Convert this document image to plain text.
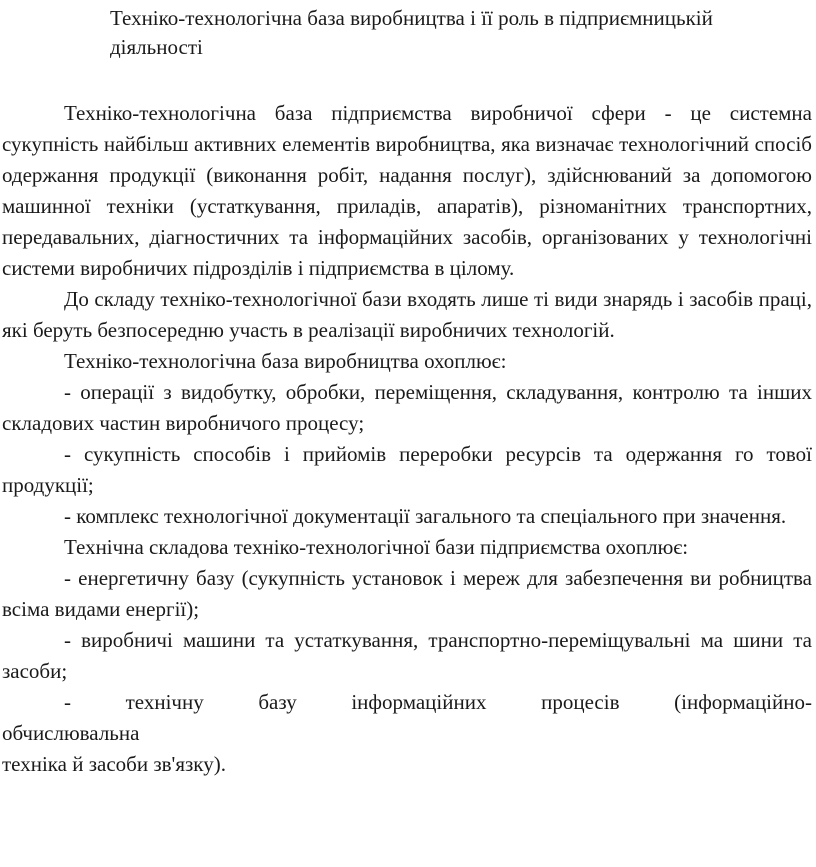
Техніко-технологічна база виробництва і її роль в підприємницькій діяльності

Техніко-технологічна база підприємства виробничої сфери - це системна сукупність найбільш активних елементів виробництва, яка визначає технологічний спосіб одержання продукції (виконання робіт, надання послуг), здійснюваний за допомогою машинної техніки (устаткування, приладів, апаратів), різноманітних транспортних, передавальних, діагностичних та інформаційних засобів, організованих у технологічні системи виробничих підрозділів і підприємства в цілому.

До складу техніко-технологічної бази входять лише ті види знарядь і засобів праці, які беруть безпосередню участь в реалізації виробничих технологій.

Техніко-технологічна база виробництва охоплює:

- операції з видобутку, обробки, переміщення, складування, контролю та інших складових частин виробничого процесу;

- сукупність способів і прийомів переробки ресурсів та одержання го тової продукції;

- комплекс технологічної документації загального та спеціального при значення.

Технічна складова техніко-технологічної бази підприємства охоплює:

- енергетичну базу (сукупність установок і мереж для забезпечення ви робництва всіма видами енергії);

- виробничі машини та устаткування, транспортно-переміщувальні ма шини та засоби;

- технічну базу інформаційних процесів (інформаційно-

обчислювальна
техніка й засоби зв'язку).
